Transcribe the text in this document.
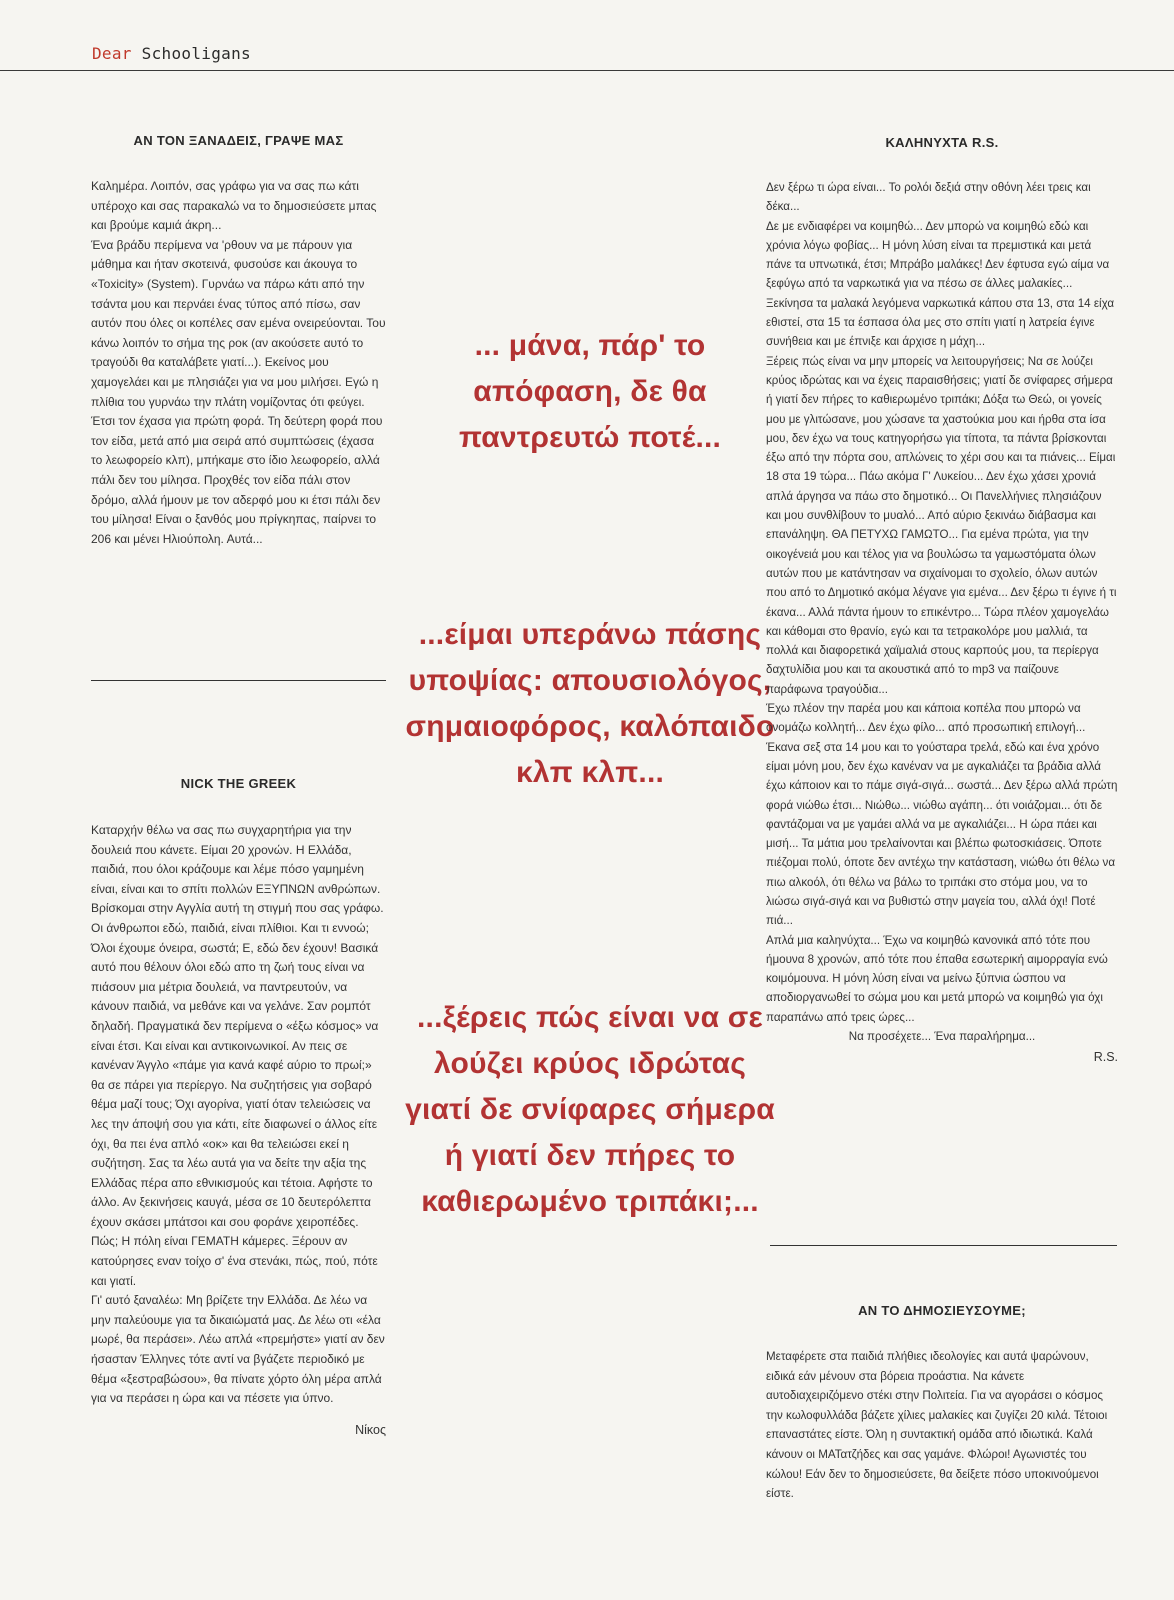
Dear Schooligans
ΑΝ ΤΟΝ ΞΑΝΑΔΕΙΣ, ΓΡΑΨΕ ΜΑΣ

Καλημέρα. Λοιπόν, σας γράφω για να σας πω κάτι υπέροχο και σας παρακαλώ να το δημοσιεύσετε μπας και βρούμε καμιά άκρη...

Ένα βράδυ περίμενα να 'ρθουν να με πάρουν για μάθημα και ήταν σκοτεινά, φυσούσε και άκουγα το «Toxicity» (System). Γυρνάω να πάρω κάτι από την τσάντα μου και περνάει ένας τύπος από πίσω, σαν αυτόν που όλες οι κοπέλες σαν εμένα ονειρεύονται. Του κάνω λοιπόν το σήμα της ροκ (αν ακούσετε αυτό το τραγούδι θα καταλάβετε γιατί...). Εκείνος μου χαμογελάει και με πλησιάζει για να μου μιλήσει. Εγώ η πλίθια του γυρνάω την πλάτη νομίζοντας ότι φεύγει. Έτσι τον έχασα για πρώτη φορά. Τη δεύτερη φορά που τον είδα, μετά από μια σειρά από συμπτώσεις (έχασα το λεωφορείο κλπ), μπήκαμε στο ίδιο λεωφορείο, αλλά πάλι δεν του μίλησα. Προχθές τον είδα πάλι στον δρόμο, αλλά ήμουν με τον αδερφό μου κι έτσι πάλι δεν του μίλησα! Είναι ο ξανθός μου πρίγκηπας, παίρνει το 206 και μένει Ηλιούπολη. Αυτά...

NICK THE GREEK

Καταρχήν θέλω να σας πω συγχαρητήρια για την δουλειά που κάνετε. Είμαι 20 χρονών. Η Ελλάδα, παιδιά, που όλοι κράζουμε και λέμε πόσο γαμημένη είναι, είναι και το σπίτι πολλών ΕΞΥΠΝΩΝ ανθρώπων. Βρίσκομαι στην Αγγλία αυτή τη στιγμή που σας γράφω. Οι άνθρωποι εδώ, παιδιά, είναι πλίθιοι. Και τι εννοώ; Όλοι έχουμε όνειρα, σωστά; Ε, εδώ δεν έχουν! Βασικά αυτό που θέλουν όλοι εδώ απο τη ζωή τους είναι να πιάσουν μια μέτρια δουλειά, να παντρευτούν, να κάνουν παιδιά, να μεθάνε και να γελάνε. Σαν ρομπότ δηλαδή. Πραγματικά δεν περίμενα ο «έξω κόσμος» να είναι έτσι. Και είναι και αντικοινωνικοί. Αν πεις σε κανέναν Άγγλο «πάμε για κανά καφέ αύριο το πρωί;» θα σε πάρει για περίεργο. Να συζητήσεις για σοβαρό θέμα μαζί τους; Όχι αγορίνα, γιατί όταν τελειώσεις να λες την άποψή σου για κάτι, είτε διαφωνεί ο άλλος είτε όχι, θα πει ένα απλό «οκ» και θα τελειώσει εκεί η συζήτηση. Σας τα λέω αυτά για να δείτε την αξία της Ελλάδας πέρα απο εθνικισμούς και τέτοια. Αφήστε το άλλο. Αν ξεκινήσεις καυγά, μέσα σε 10 δευτερόλεπτα έχουν σκάσει μπάτσοι και σου φοράνε χειροπέδες. Πώς; Η πόλη είναι ΓΕΜΑΤΗ κάμερες. Ξέρουν αν κατούρησες εναν τοίχο σ' ένα στενάκι, πώς, πού, πότε και γιατί.

Γι' αυτό ξαναλέω: Μη βρίζετε την Ελλάδα. Δε λέω να μην παλεύουμε για τα δικαιώματά μας. Δε λέω οτι «έλα μωρέ, θα περάσει». Λέω απλά «πρεμήστε» γιατί αν δεν ήσασταν Έλληνες τότε αντί να βγάζετε περιοδικό με θέμα «ξεστραβώσου», θα πίνατε χόρτο όλη μέρα απλά για να περάσει η ώρα και να πέσετε για ύπνο.

Νίκος

... μάνα, πάρ' το απόφαση, δε θα παντρευτώ ποτέ...

...είμαι υπεράνω πάσης υποψίας: απουσιολόγος, σημαιοφόρος, καλόπαιδο κλπ κλπ...

...ξέρεις πώς είναι να σε λούζει κρύος ιδρώτας γιατί δε σνίφαρες σήμερα ή γιατί δεν πήρες το καθιερωμένο τριπάκι;...

ΚΑΛΗΝΥΧΤΑ R.S.

Δεν ξέρω τι ώρα είναι... Το ρολόι δεξιά στην οθόνη λέει τρεις και δέκα...

Δε με ενδιαφέρει να κοιμηθώ... Δεν μπορώ να κοιμηθώ εδώ και χρόνια λόγω φοβίας... Η μόνη λύση είναι τα πρεμιστικά και μετά πάνε τα υπνωτικά, έτσι; Μπράβο μαλάκες! Δεν έφτυσα εγώ αίμα να ξεφύγω από τα ναρκωτικά για να πέσω σε άλλες μαλακίες... Ξεκίνησα τα μαλακά λεγόμενα ναρκωτικά κάπου στα 13, στα 14 είχα εθιστεί, στα 15 τα έσπασα όλα μες στο σπίτι γιατί η λατρεία έγινε συνήθεια και με έπνιξε και άρχισε η μάχη...

Ξέρεις πώς είναι να μην μπορείς να λειτουργήσεις; Να σε λούζει κρύος ιδρώτας και να έχεις παραισθήσεις; γιατί δε σνίφαρες σήμερα ή γιατί δεν πήρες το καθιερωμένο τριπάκι; Δόξα τω Θεώ, οι γονείς μου με γλιτώσανε, μου χώσανε τα χαστούκια μου και ήρθα στα ίσα μου, δεν έχω να τους κατηγορήσω για τίποτα, τα πάντα βρίσκονται έξω από την πόρτα σου, απλώνεις το χέρι σου και τα πιάνεις... Είμαι 18 στα 19 τώρα... Πάω ακόμα Γ' Λυκείου... Δεν έχω χάσει χρονιά απλά άργησα να πάω στο δημοτικό... Οι Πανελλήνιες πλησιάζουν και μου συνθλίβουν το μυαλό... Από αύριο ξεκινάω διάβασμα και επανάληψη. ΘΑ ΠΕΤΥΧΩ ΓΑΜΩΤΟ... Για εμένα πρώτα, για την οικογένειά μου και τέλος για να βουλώσω τα γαμωστόματα όλων αυτών που με κατάντησαν να σιχαίνομαι το σχολείο, όλων αυτών που από το Δημοτικό ακόμα λέγανε για εμένα... Δεν ξέρω τι έγινε ή τι έκανα... Αλλά πάντα ήμουν το επικέντρο... Τώρα πλέον χαμογελάω και κάθομαι στο θρανίο, εγώ και τα τετρακολόρε μου μαλλιά, τα πολλά και διαφορετικά χαϊμαλιά στους καρπούς μου, τα περίεργα δαχτυλίδια μου και τα ακουστικά από το mp3 να παίζουνε παράφωνα τραγούδια...

Έχω πλέον την παρέα μου και κάποια κοπέλα που μπορώ να ονομάζω κολλητή... Δεν έχω φίλο... από προσωπική επιλογή... Έκανα σεξ στα 14 μου και το γούσταρα τρελά, εδώ και ένα χρόνο είμαι μόνη μου, δεν έχω κανέναν να με αγκαλιάζει τα βράδια αλλά έχω κάποιον και το πάμε σιγά-σιγά... σωστά... Δεν ξέρω αλλά πρώτη φορά νιώθω έτσι... Νιώθω... νιώθω αγάπη... ότι νοιάζομαι... ότι δε φαντάζομαι να με γαμάει αλλά να με αγκαλιάζει... Η ώρα πάει και μισή... Τα μάτια μου τρελαίνονται και βλέπω φωτοσκιάσεις. Όποτε πιέζομαι πολύ, όποτε δεν αντέχω την κατάσταση, νιώθω ότι θέλω να πιω αλκοόλ, ότι θέλω να βάλω το τριπάκι στο στόμα μου, να το λιώσω σιγά-σιγά και να βυθιστώ στην μαγεία του, αλλά όχι! Ποτέ πιά...

Απλά μια καληνύχτα... Έχω να κοιμηθώ κανονικά από τότε που ήμουνα 8 χρονών, από τότε που έπαθα εσωτερική αιμορραγία ενώ κοιμόμουνα. Η μόνη λύση είναι να μείνω ξύπνια ώσπου να αποδιοργανωθεί το σώμα μου και μετά μπορώ να κοιμηθώ για όχι παραπάνω από τρεις ώρες...

Να προσέχετε... Ένα παραλήρημα...

R.S.

ΑΝ ΤΟ ΔΗΜΟΣΙΕΥΣΟΥΜΕ;

Μεταφέρετε στα παιδιά πλήθιες ιδεολογίες και αυτά ψαρώνουν, ειδικά εάν μένουν στα βόρεια προάστια. Να κάνετε αυτοδιαχειριζόμενο στέκι στην Πολιτεία. Για να αγοράσει ο κόσμος την κωλοφυλλάδα βάζετε χίλιες μαλακίες και ζυγίζει 20 κιλά. Τέτοιοι επαναστάτες είστε. Όλη η συντακτική ομάδα από ιδιωτικά. Καλά κάνουν οι ΜΑΤατζήδες και σας γαμάνε. Φλώροι! Αγωνιστές του κώλου! Εάν δεν το δημοσιεύσετε, θα δείξετε πόσο υποκινούμενοι είστε.
